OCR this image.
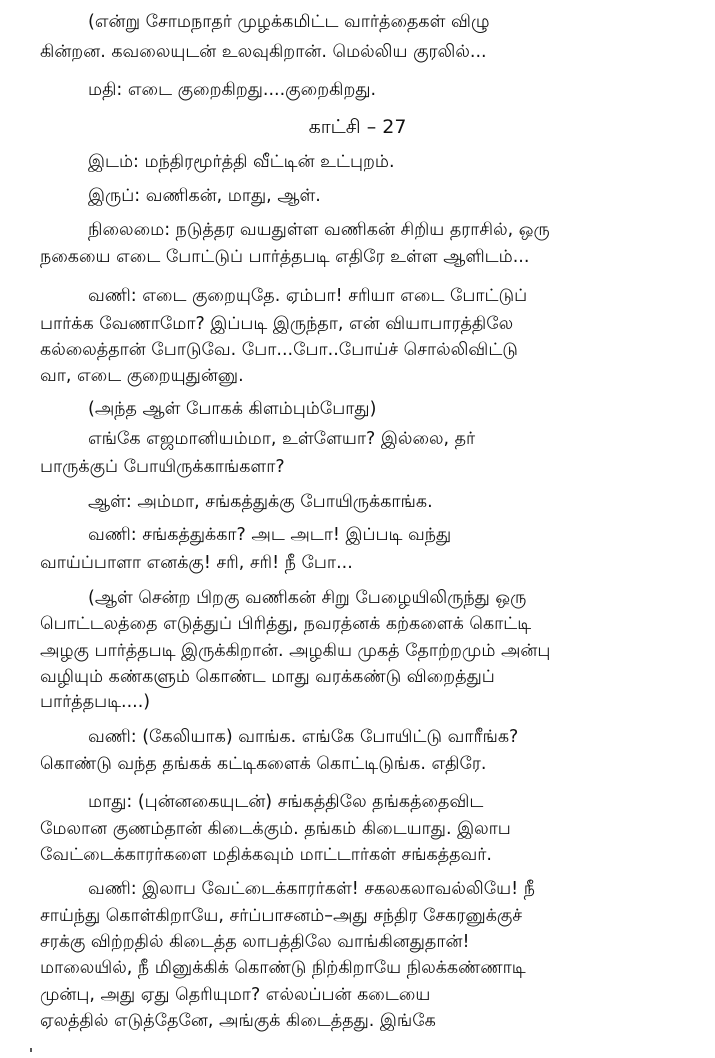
(என்று சோமநாதர் முழக்கமிட்ட வார்த்தைகள் விழு
கின்றன. கவலையுடன் உலவுகிறான். மெல்லிய குரலில்...
மதி: எடை குறைகிறது....குறைகிறது.
காட்சி – 27
இடம்: மந்திரமூர்த்தி வீட்டின் உட்புறம்.
இருப்: வணிகன், மாது, ஆள்.
நிலைமை: நடுத்தர வயதுள்ள வணிகன் சிறிய தராசில், ஒரு
நகையை எடை போட்டுப் பார்த்தபடி எதிரே உள்ள ஆளிடம்...
வணி: எடை குறையுதே. ஏம்பா! சரியா எடை போட்டுப்
பார்க்க வேணாமோ? இப்படி இருந்தா, என் வியாபாரத்திலே
கல்லைத்தான் போடுவே. போ...போ..போய்ச் சொல்லிவிட்டு
வா, எடை குறையுதுன்னு.
(அந்த ஆள் போகக் கிளம்பும்போது)
எங்கே எஜமானியம்மா, உள்ளேயா? இல்லை, தர்
பாருக்குப் போயிருக்காங்களா?
ஆள்: அம்மா, சங்கத்துக்கு போயிருக்காங்க.
வணி: சங்கத்துக்கா? அட அடா! இப்படி வந்து
வாய்ப்பாளா எனக்கு! சரி, சரி! நீ போ...
(ஆள் சென்ற பிறகு வணிகன் சிறு பேழையிலிருந்து ஒரு
பொட்டலத்தை எடுத்துப் பிரித்து, நவரத்னக் கற்களைக் கொட்டி
அழகு பார்த்தபடி இருக்கிறான். அழகிய முகத் தோற்றமும் அன்பு
வழியும் கண்களும் கொண்ட மாது வரக்கண்டு விறைத்துப்
பார்த்தபடி....)
வணி: (கேலியாக) வாங்க. எங்கே போயிட்டு வாரீங்க?
கொண்டு வந்த தங்கக் கட்டிகளைக் கொட்டிடுங்க. எதிரே.
மாது: (புன்னகையுடன்) சங்கத்திலே தங்கத்தைவிட
மேலான குணம்தான் கிடைக்கும். தங்கம் கிடையாது. இலாப
வேட்டைக்காரர்களை மதிக்கவும் மாட்டார்கள் சங்கத்தவர்.
வணி: இலாப வேட்டைக்காரர்கள்! சகலகலாவல்லியே! நீ
சாய்ந்து கொள்கிறாயே, சர்ப்பாசனம்–அது சந்திர சேகரனுக்குச்
சரக்கு விற்றதில் கிடைத்த லாபத்திலே வாங்கினதுதான்!
மாலையில், நீ மினுக்கிக் கொண்டு நிற்கிறாயே நிலக்கண்ணாடி
முன்பு, அது ஏது தெரியுமா? எல்லப்பன் கடையை
ஏலத்தில் எடுத்தேனே, அங்குக் கிடைத்தது. இங்கே
